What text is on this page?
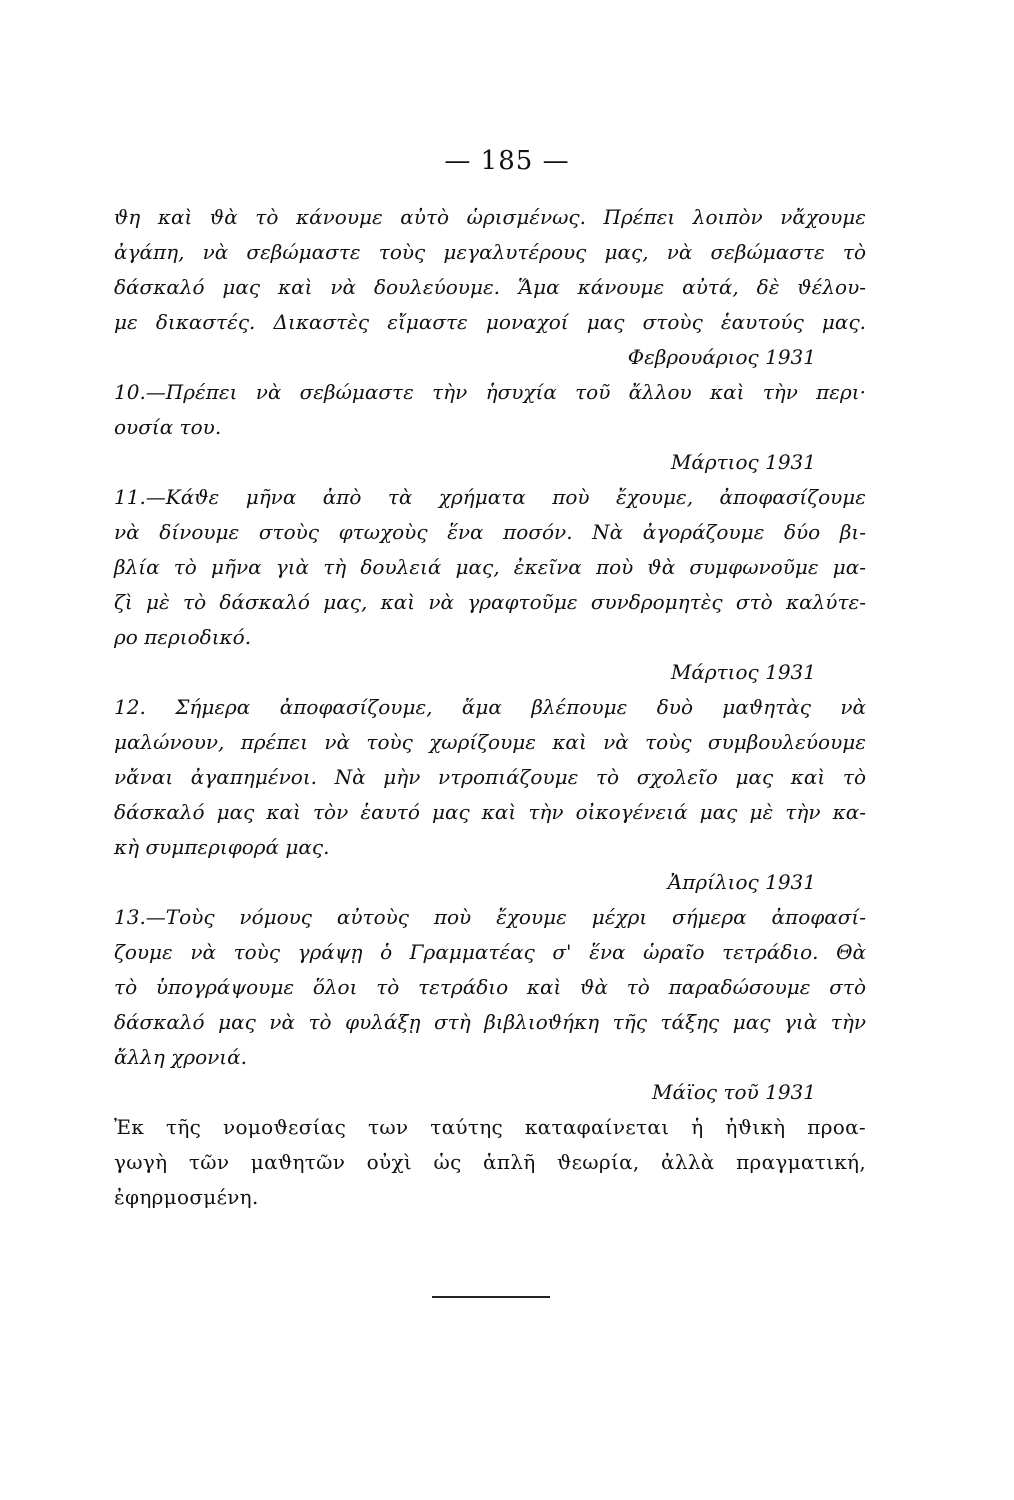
— 185 —
ϑη καὶ ϑὰ τὸ κάνουμε αὐτὸ ὡρισμένως. Πρέπει λοιπὸν νἄχουμε
ἀγάπη, νὰ σεβώμαστε τοὺς μεγαλυτέρους μας, νὰ σεβώμαστε τὸ
δάσκαλό μας καὶ νὰ δουλεύουμε. Ἅμα κάνουμε αὐτά, δὲ ϑέλου-
με δικαστές. Δικαστὲς εἴμαστε μοναχοί μας στοὺς ἑαυτούς μας.
Φεβρουάριος 1931
10.—Πρέπει νὰ σεβώμαστε τὴν ἡσυχία τοῦ ἄλλου καὶ τὴν περι·
ουσία του.
Μάρτιος 1931
11.—Κάϑε μῆνα ἀπὸ τὰ χρήματα ποὺ ἔχουμε, ἀποφασίζουμε
νὰ δίνουμε στοὺς φτωχοὺς ἕνα ποσόν. Νὰ ἀγοράζουμε δύο βι-
βλία τὸ μῆνα γιὰ τὴ δουλειά μας, ἐκεῖνα ποὺ ϑὰ συμφωνοῦμε μα-
ζὶ μὲ τὸ δάσκαλό μας, καὶ νὰ γραφτοῦμε συνδρομητὲς στὸ καλύτε-
ρο περιοδικό.
Μάρτιος 1931
12. Σήμερα ἀποφασίζουμε, ἅμα βλέπουμε δυὸ μαϑητὰς νὰ
μαλώνουν, πρέπει νὰ τοὺς χωρίζουμε καὶ νὰ τοὺς συμβουλεύουμε
νἄναι ἀγαπημένοι. Νὰ μὴν ντροπιάζουμε τὸ σχολεῖο μας καὶ τὸ
δάσκαλό μας καὶ τὸν ἑαυτό μας καὶ τὴν οἰκογένειά μας μὲ τὴν κα-
κὴ συμπεριφορά μας.
Ἀπρίλιος 1931
13.—Τοὺς νόμους αὐτοὺς ποὺ ἔχουμε μέχρι σήμερα ἀποφασί-
ζουμε νὰ τοὺς γράψῃ ὁ Γραμματέας σ' ἕνα ὡραῖο τετράδιο. Θὰ
τὸ ὑπογράψουμε ὅλοι τὸ τετράδιο καὶ ϑὰ τὸ παραδώσουμε στὸ
δάσκαλό μας νὰ τὸ φυλάξῃ στὴ βιβλιοϑήκη τῆς τάξης μας γιὰ τὴν
ἄλλη χρονιά.
Μάϊος τοῦ 1931
Ἐκ τῆς νομοϑεσίας των ταύτης καταφαίνεται ἡ ἠϑικὴ προα-
γωγὴ τῶν μαϑητῶν οὐχὶ ὡς ἁπλῆ ϑεωρία, ἀλλὰ πραγματική,
ἐφηρμοσμένη.
